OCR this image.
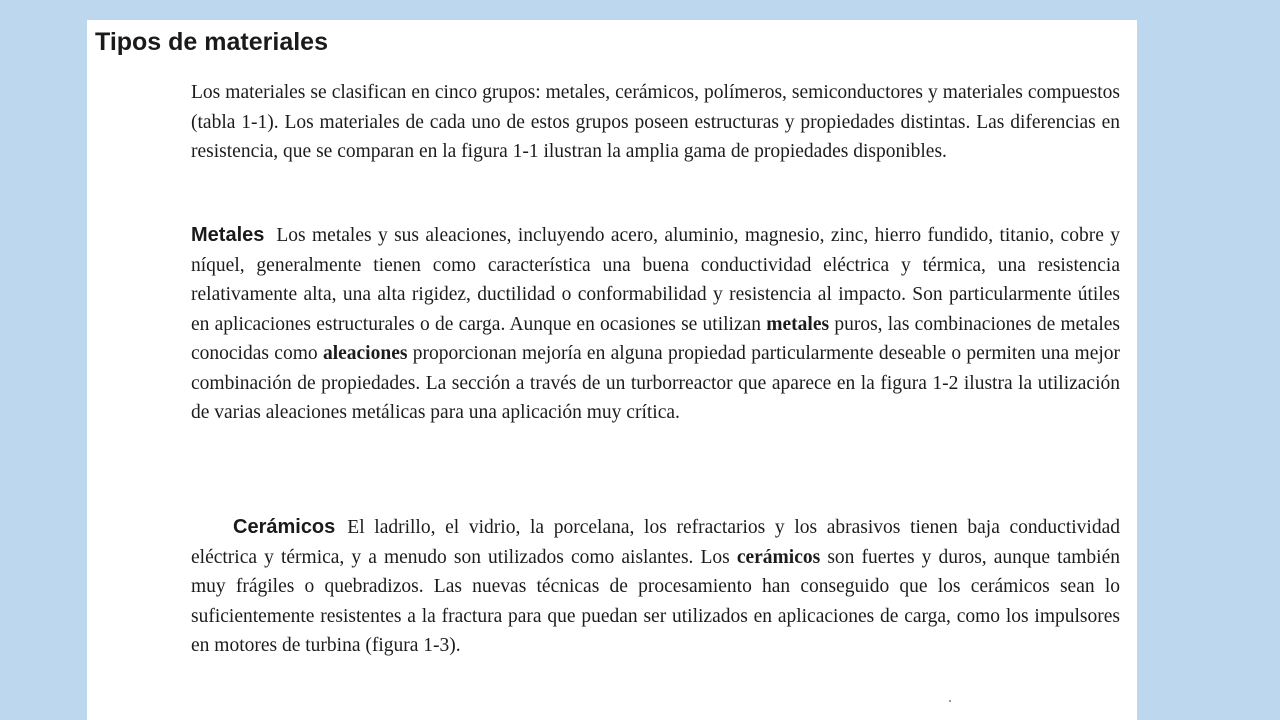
Tipos de materiales

Los materiales se clasifican en cinco grupos: metales, cerámicos, polímeros, semiconductores y materiales compuestos (tabla 1-1). Los materiales de cada uno de estos grupos poseen estructuras y propiedades distintas. Las diferencias en resistencia, que se comparan en la figura 1-1 ilustran la amplia gama de propiedades disponibles.

Metales Los metales y sus aleaciones, incluyendo acero, aluminio, magnesio, zinc, hierro fundido, titanio, cobre y níquel, generalmente tienen como característica una buena conductividad eléctrica y térmica, una resistencia relativamente alta, una alta rigidez, ductilidad o conformabilidad y resistencia al impacto. Son particularmente útiles en aplicaciones estructurales o de carga. Aunque en ocasiones se utilizan metales puros, las combinaciones de metales conocidas como aleaciones proporcionan mejoría en alguna propiedad particularmente deseable o permiten una mejor combinación de propiedades. La sección a través de un turborreactor que aparece en la figura 1-2 ilustra la utilización de varias aleaciones metálicas para una aplicación muy crítica.

Cerámicos El ladrillo, el vidrio, la porcelana, los refractarios y los abrasivos tienen baja conductividad eléctrica y térmica, y a menudo son utilizados como aislantes. Los cerámicos son fuertes y duros, aunque también muy frágiles o quebradizos. Las nuevas técnicas de procesamiento han conseguido que los cerámicos sean lo suficientemente resistentes a la fractura para que puedan ser utilizados en aplicaciones de carga, como los impulsores en motores de turbina (figura 1-3).
